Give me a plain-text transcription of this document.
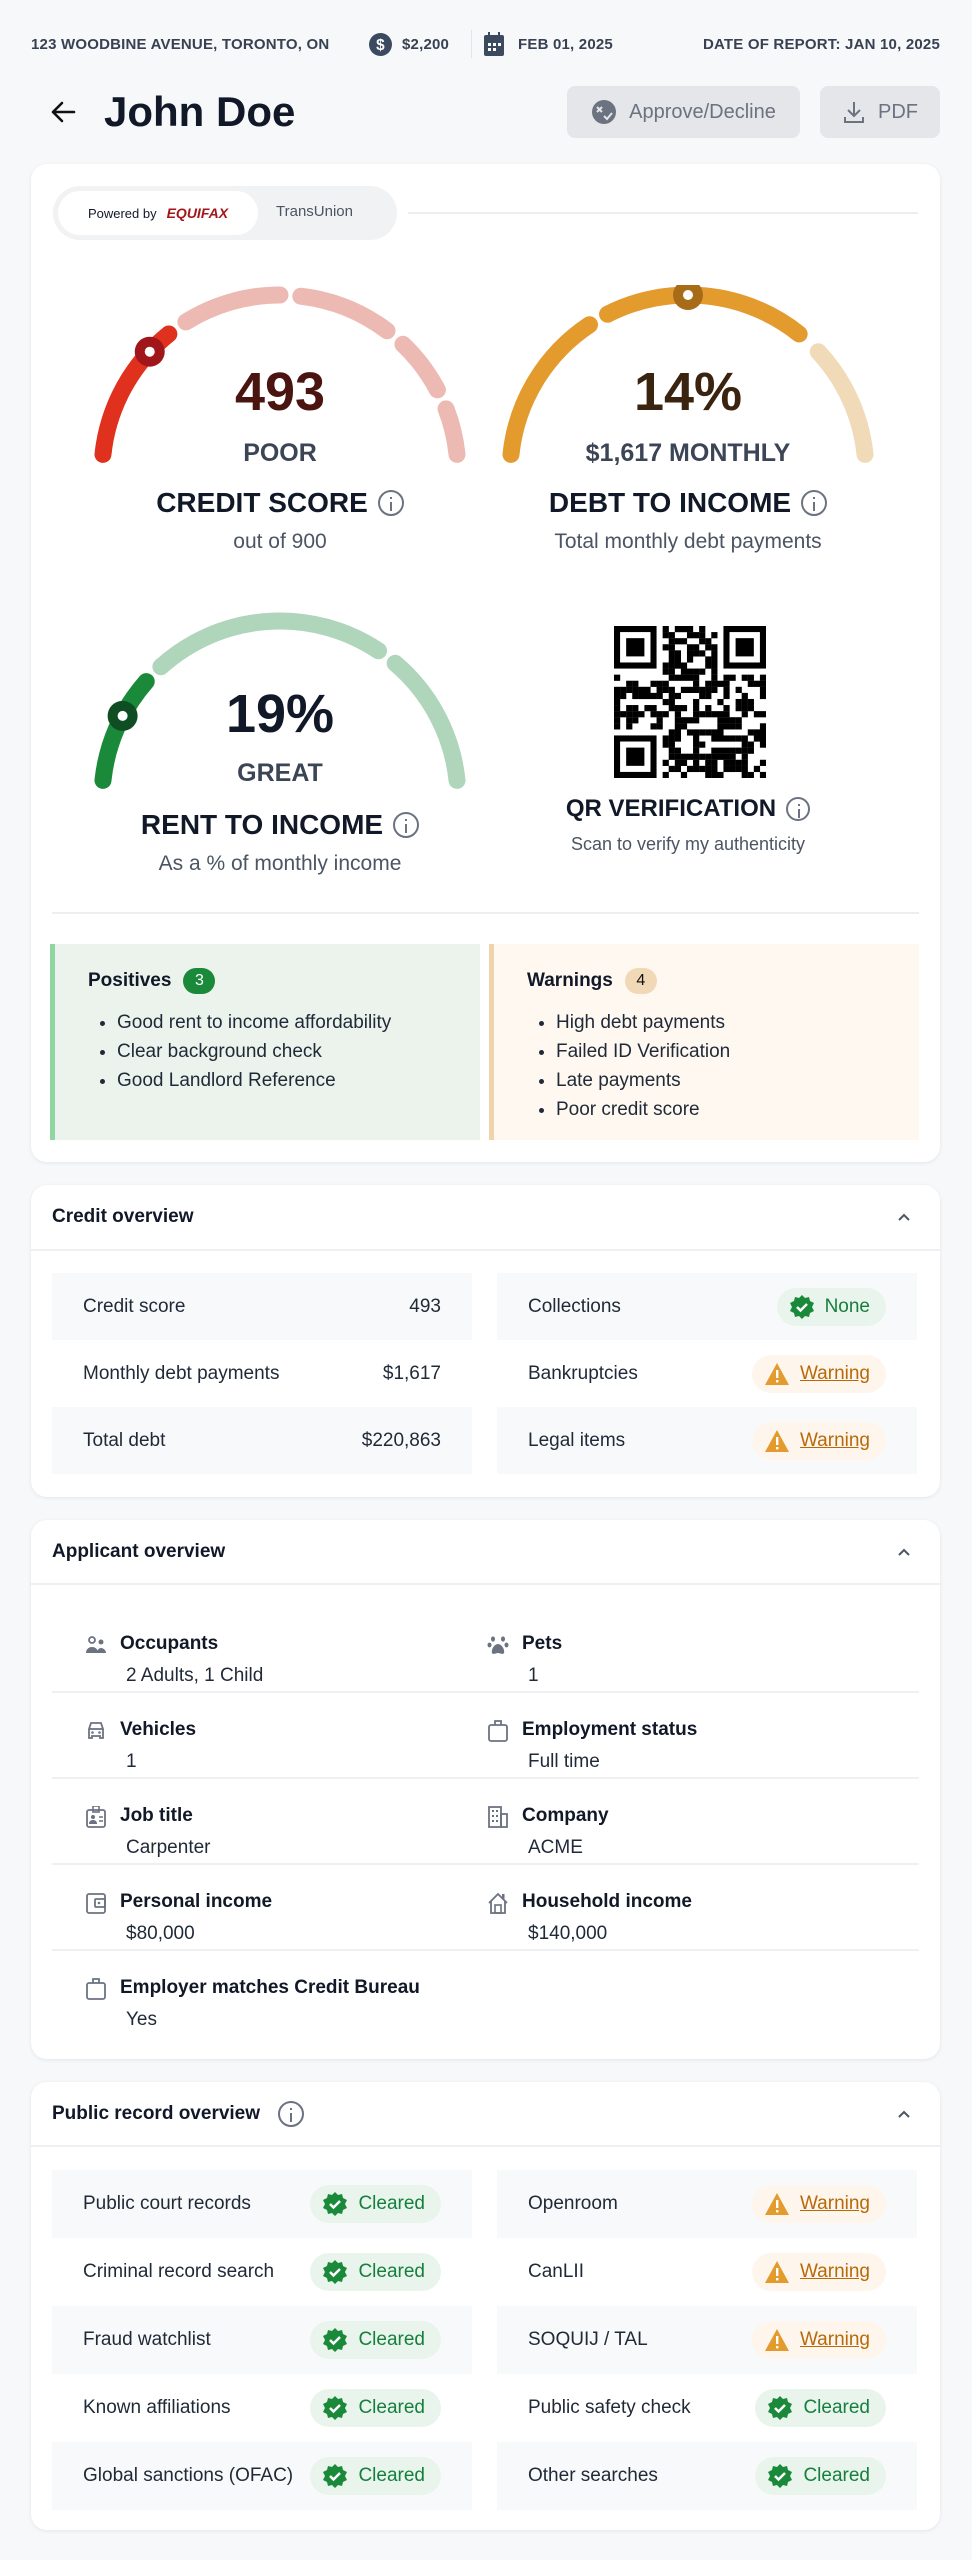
123 WOODBINE AVENUE, TORONTO, ON	$ $2,200	FEB 01, 2025	DATE OF REPORT: JAN 10, 2025
John Doe	Approve/Decline	PDF
Powered by EQUIFAX	TransUnion
493
POOR
CREDIT SCORE
out of 900
14%
$1,617 MONTHLY
DEBT TO INCOME
Total monthly debt payments
19%
GREAT
RENT TO INCOME
As a % of monthly income
QR VERIFICATION
Scan to verify my authenticity
Positives	3
• Good rent to income affordability
• Clear background check
• Good Landlord Reference
Warnings	4
• High debt payments
• Failed ID Verification
• Late payments
• Poor credit score
Credit overview
Credit score	493
Monthly debt payments	$1,617
Total debt	$220,863
Collections	None
Bankruptcies	Warning
Legal items	Warning
Applicant overview
Occupants
2 Adults, 1 Child
Pets
1
Vehicles
1
Employment status
Full time
Job title
Carpenter
Company
ACME
Personal income
$80,000
Household income
$140,000
Employer matches Credit Bureau
Yes
Public record overview
Public court records	Cleared
Criminal record search	Cleared
Fraud watchlist	Cleared
Known affiliations	Cleared
Global sanctions (OFAC)	Cleared
Openroom	Warning
CanLII	Warning
SOQUIJ / TAL	Warning
Public safety check	Cleared
Other searches	Cleared
